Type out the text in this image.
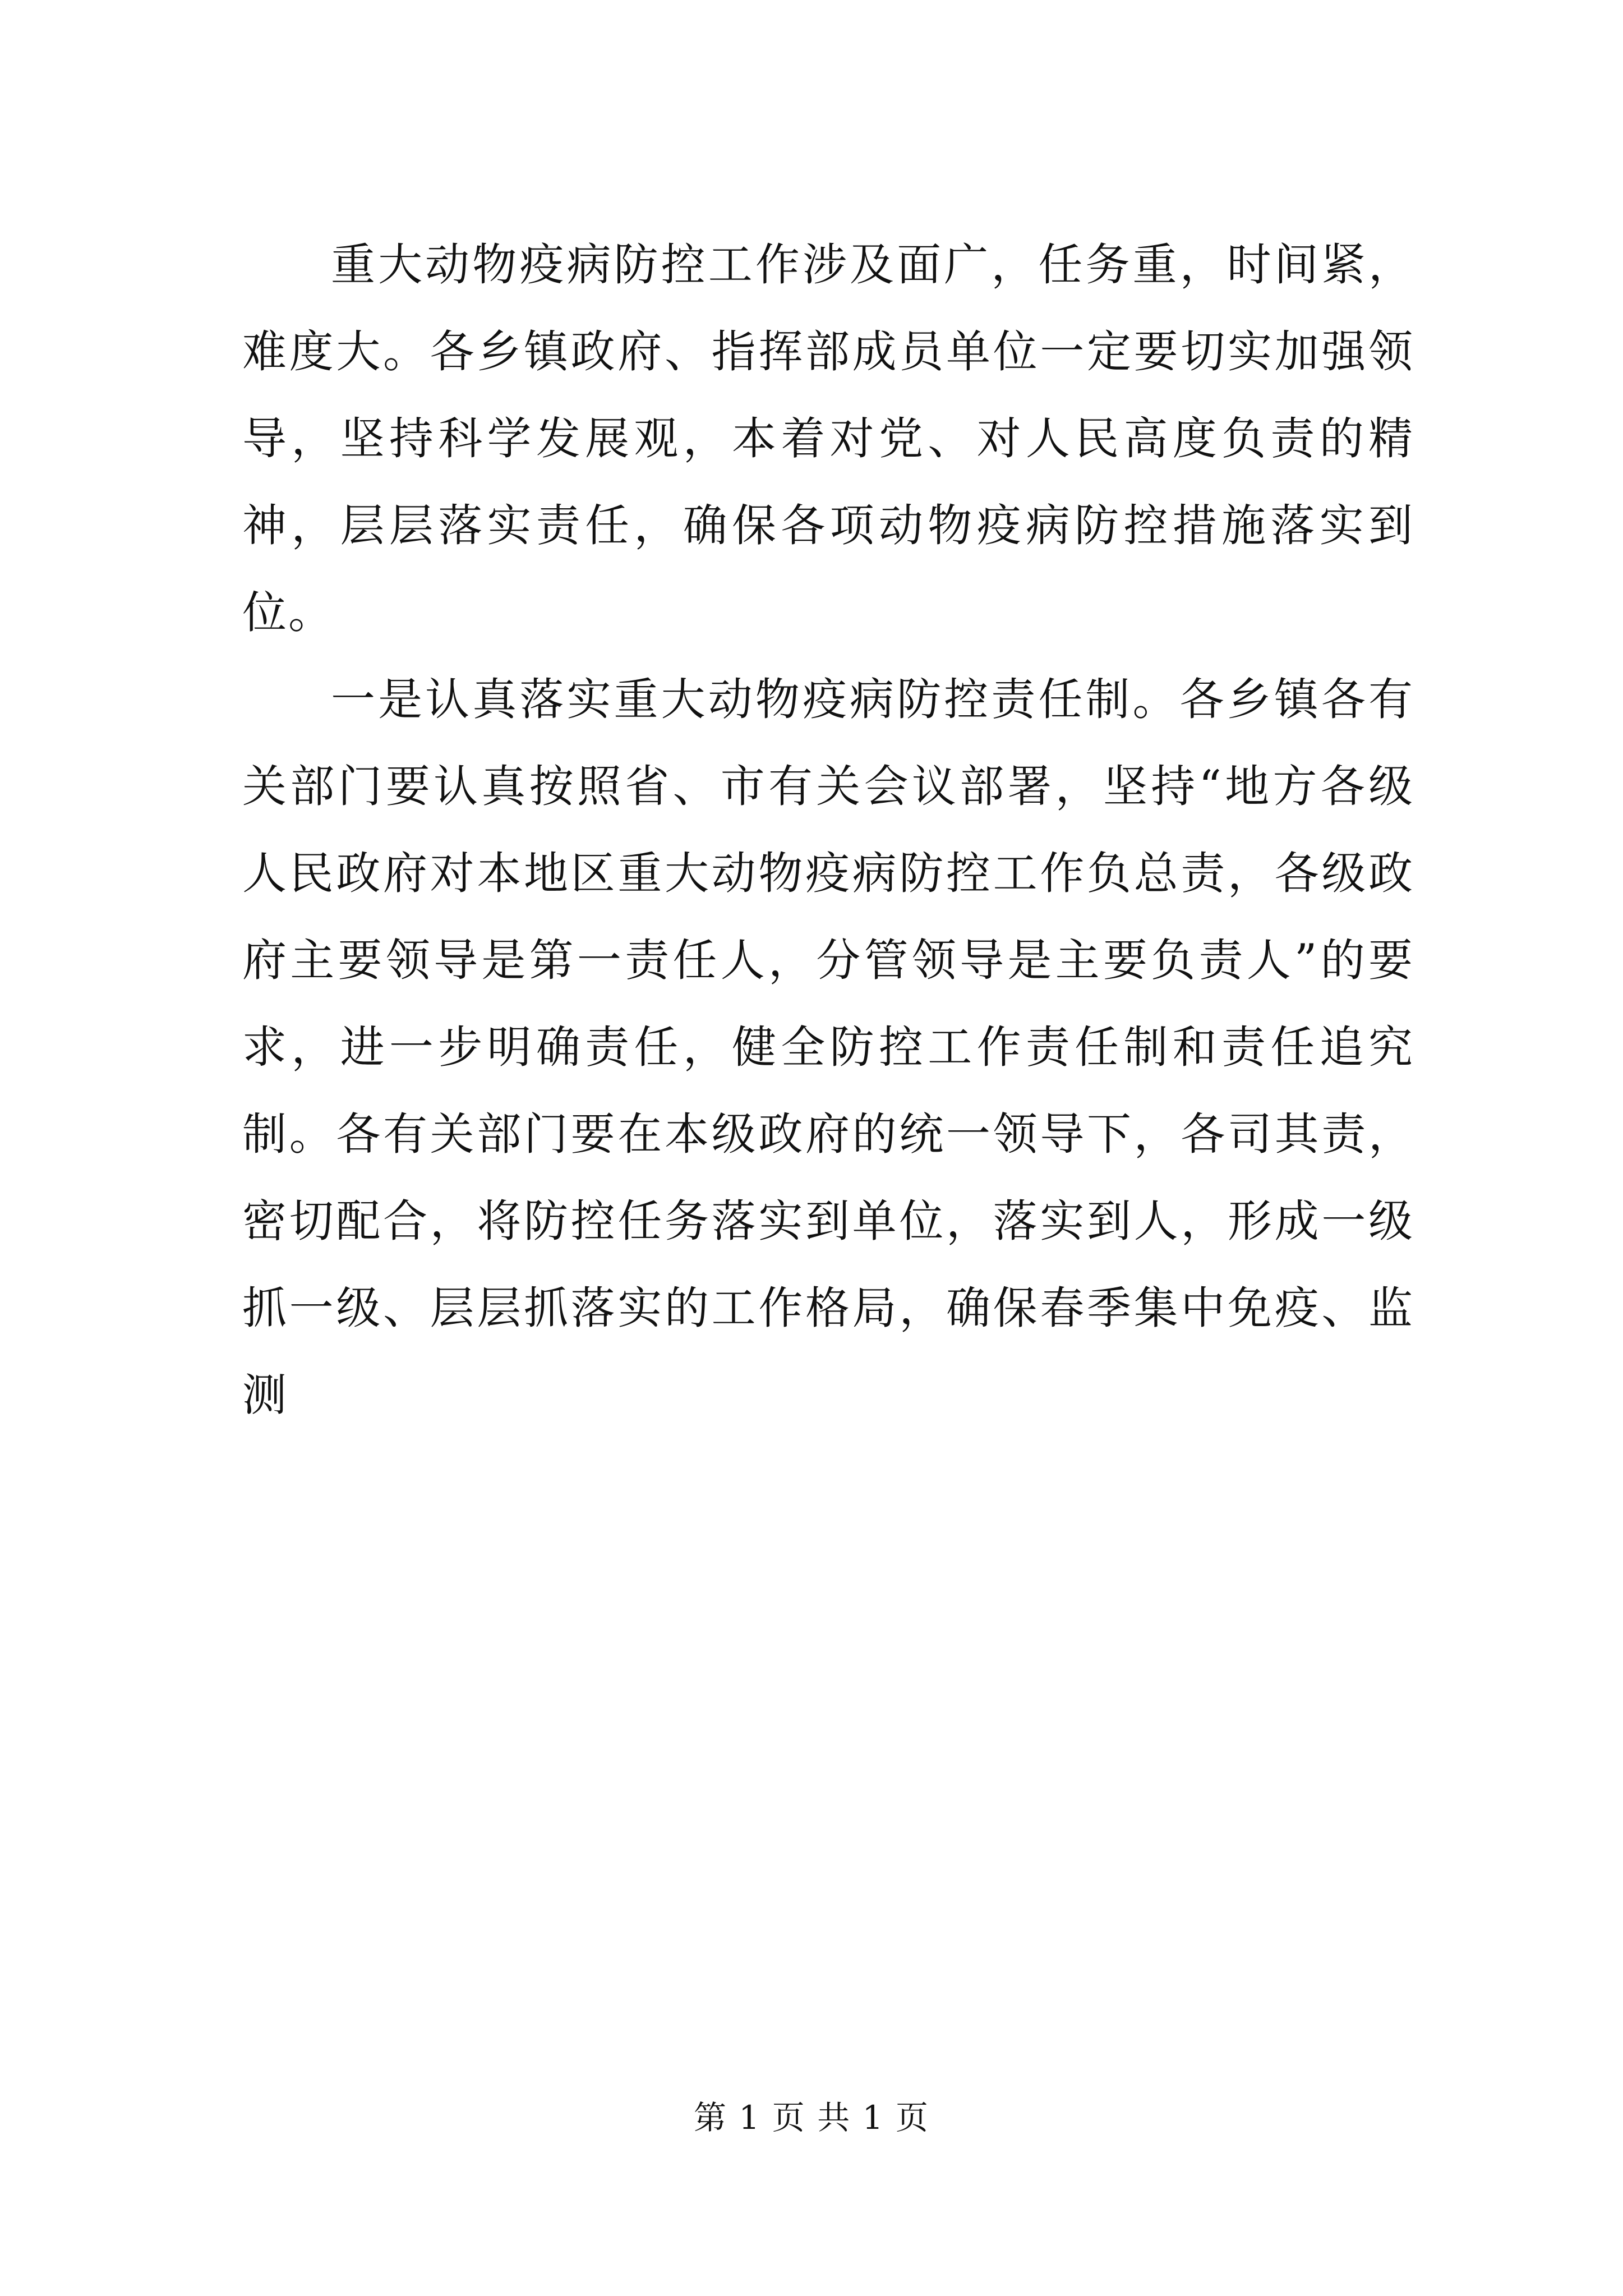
重大动物疫病防控工作涉及面广，任务重，时间紧，难度大。各乡镇政府、指挥部成员单位一定要切实加强领导，坚持科学发展观，本着对党、对人民高度负责的精神，层层落实责任，确保各项动物疫病防控措施落实到位。

一是认真落实重大动物疫病防控责任制。各乡镇各有关部门要认真按照省、市有关会议部署，坚持“地方各级人民政府对本地区重大动物疫病防控工作负总责，各级政府主要领导是第一责任人，分管领导是主要负责人”的要求，进一步明确责任，健全防控工作责任制和责任追究制。各有关部门要在本级政府的统一领导下，各司其责，密切配合，将防控任务落实到单位，落实到人，形成一级抓一级、层层抓落实的工作格局，确保春季集中免疫、监测

第 1 页 共 1 页
